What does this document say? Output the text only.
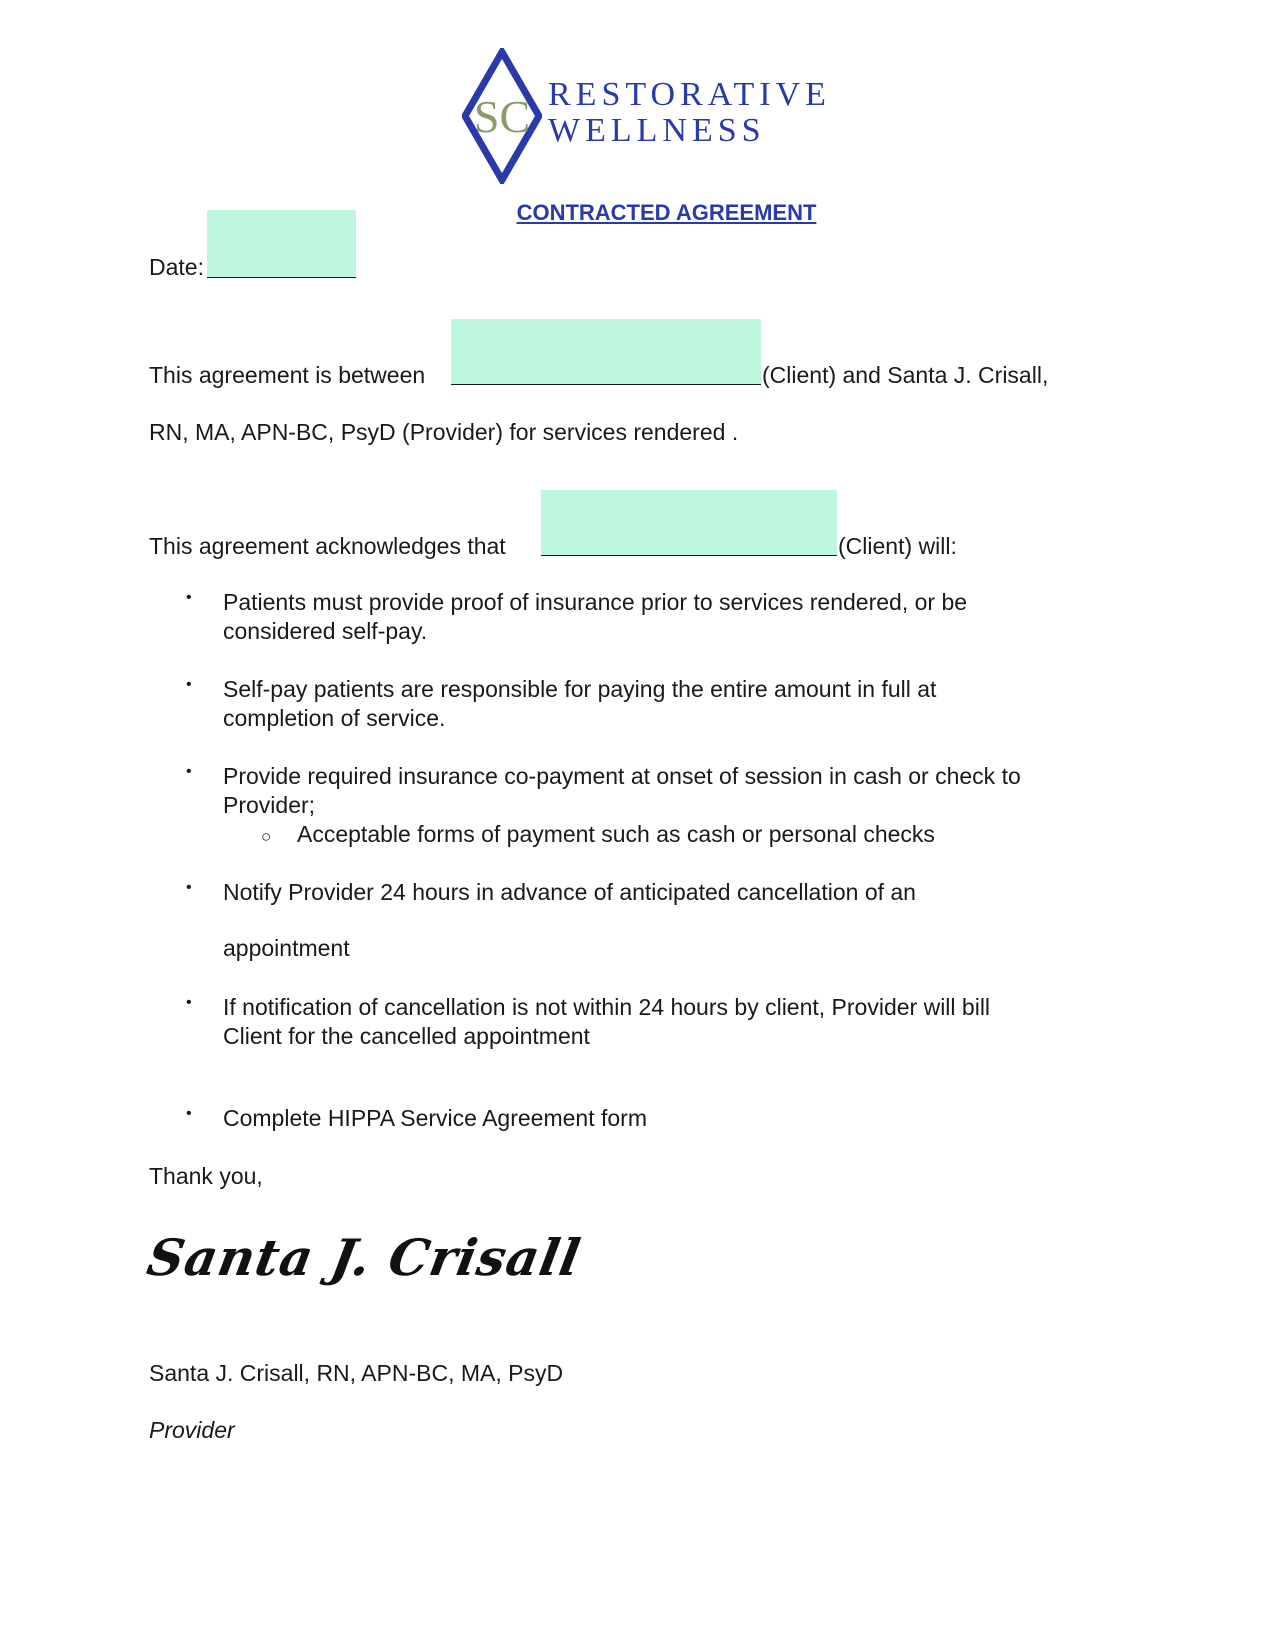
SC RESTORATIVE
WELLNESS
CONTRACTED AGREEMENT
Date:
This agreement is between	(Client) and Santa J. Crisall,
RN, MA, APN-BC, PsyD (Provider) for services rendered .
This agreement acknowledges that	(Client) will:
• Patients must provide proof of insurance prior to services rendered, or be
considered self-pay.
• Self-pay patients are responsible for paying the entire amount in full at
completion of service.
• Provide required insurance co-payment at onset of session in cash or check to
Provider;
○ Acceptable forms of payment such as cash or personal checks
• Notify Provider 24 hours in advance of anticipated cancellation of an
appointment
• If notification of cancellation is not within 24 hours by client, Provider will bill
Client for the cancelled appointment
• Complete HIPPA Service Agreement form
Thank you,
Santa J. Crisall
Santa J. Crisall, RN, APN-BC, MA, PsyD
Provider
